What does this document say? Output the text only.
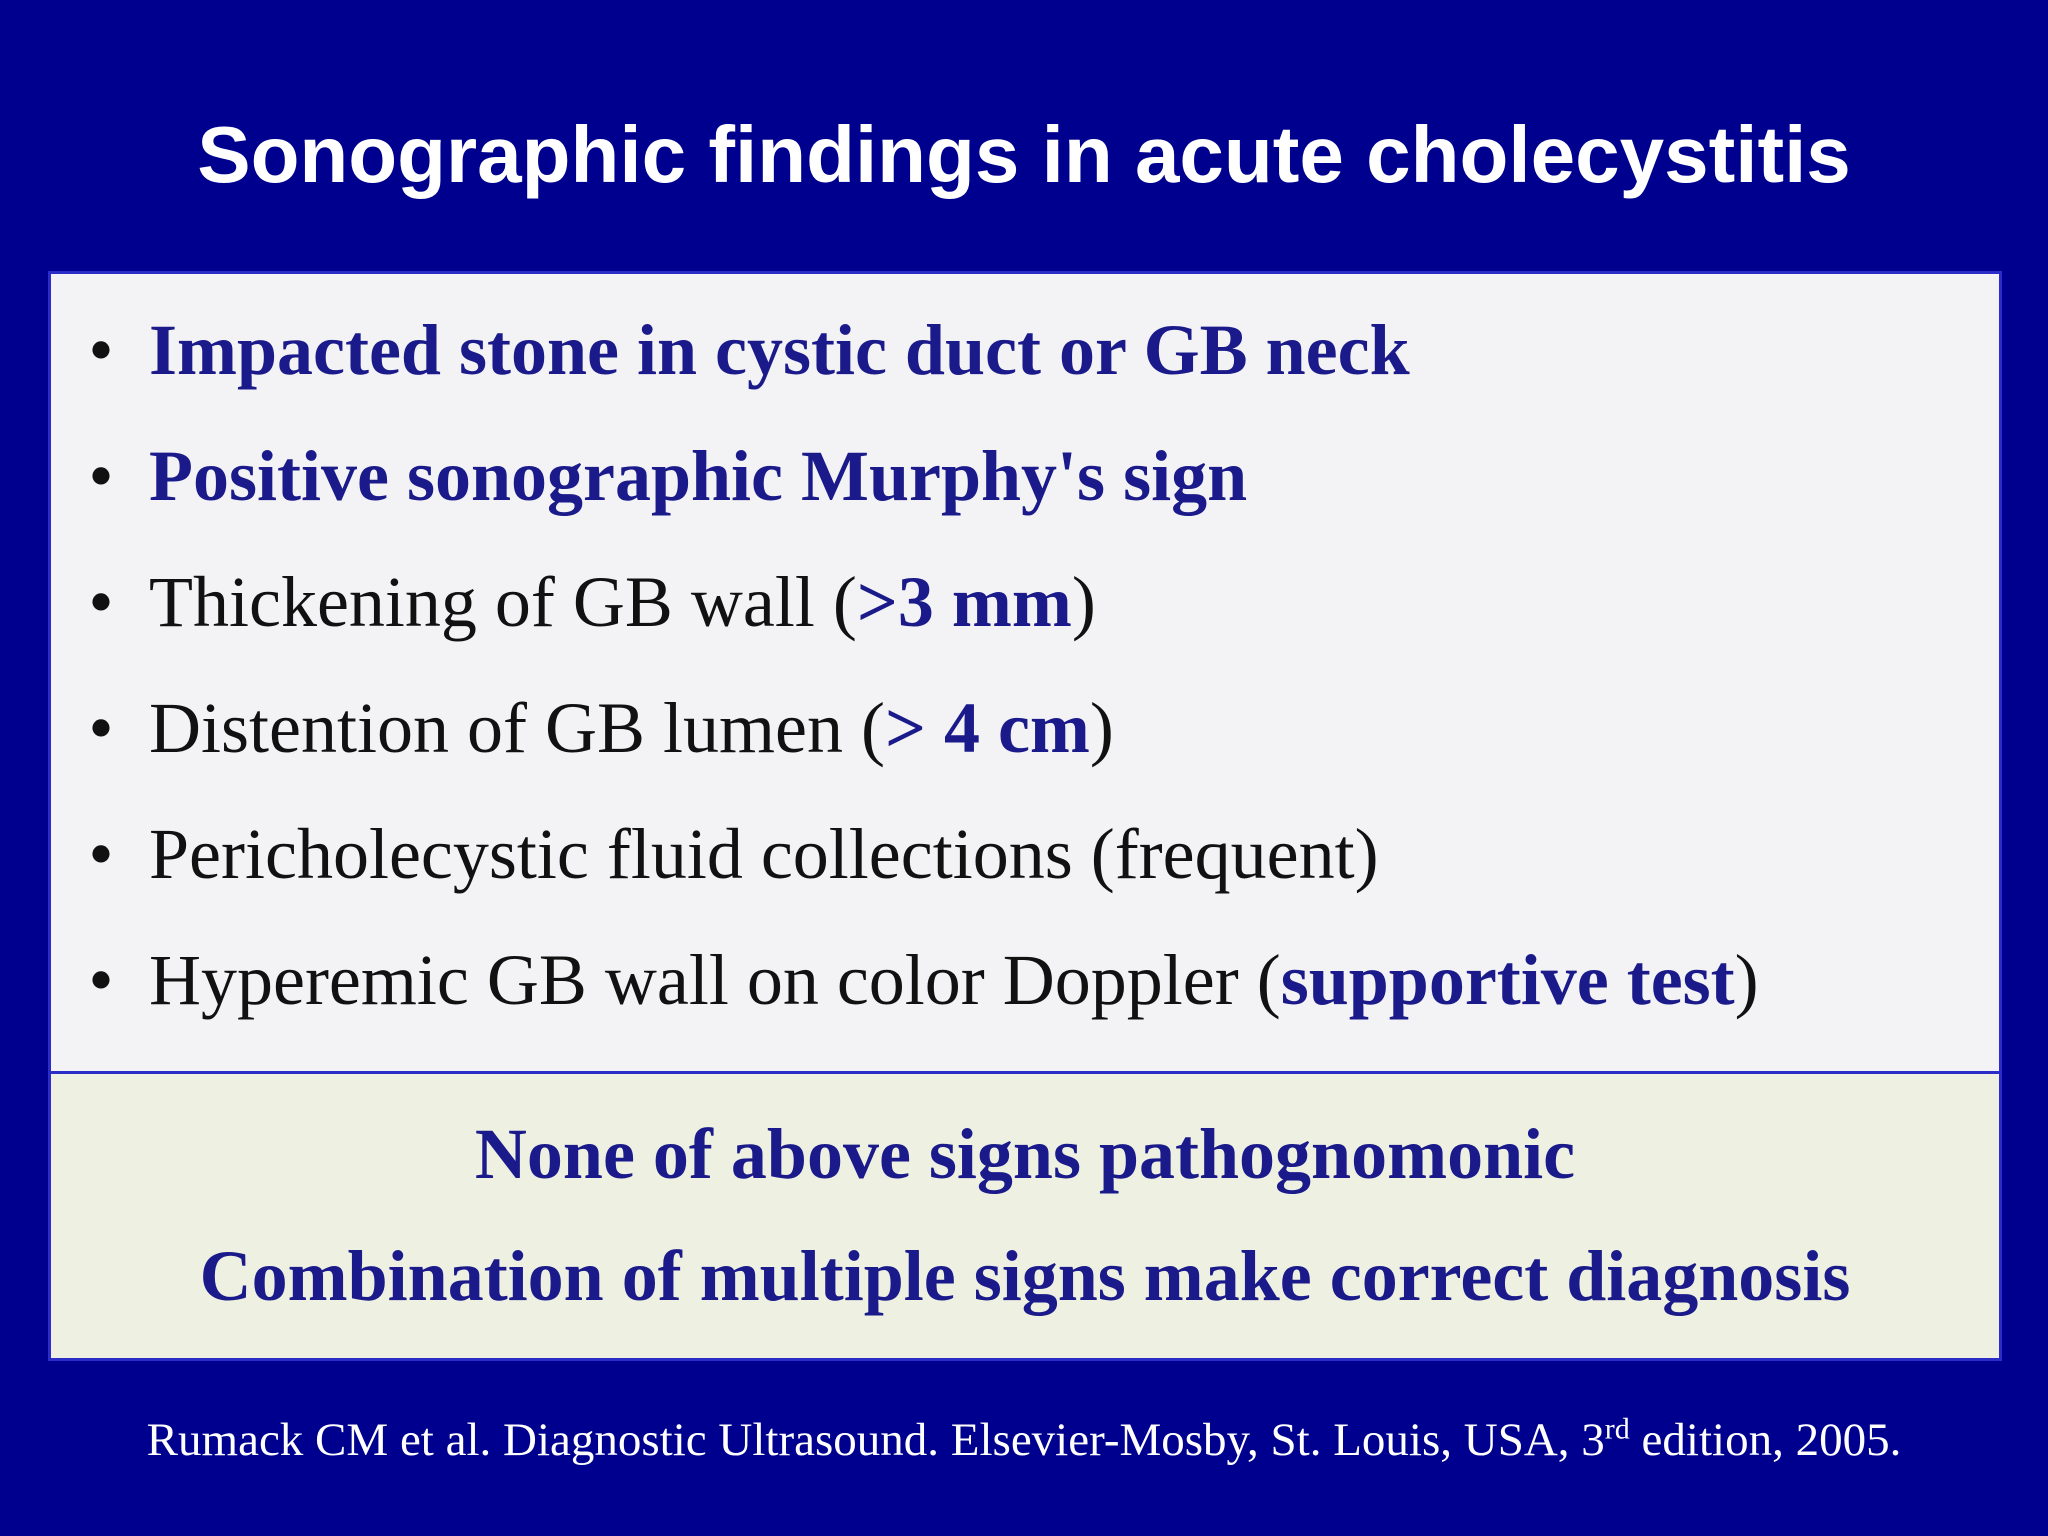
Sonographic findings in acute cholecystitis
• Impacted stone in cystic duct or GB neck
• Positive sonographic Murphy's sign
• Thickening of GB wall (>3 mm)
• Distention of GB lumen (> 4 cm)
• Pericholecystic fluid collections (frequent)
• Hyperemic GB wall on color Doppler (supportive test)
None of above signs pathognomonic
Combination of multiple signs make correct diagnosis
Rumack CM et al. Diagnostic Ultrasound. Elsevier-Mosby, St. Louis, USA, 3rd edition, 2005.
